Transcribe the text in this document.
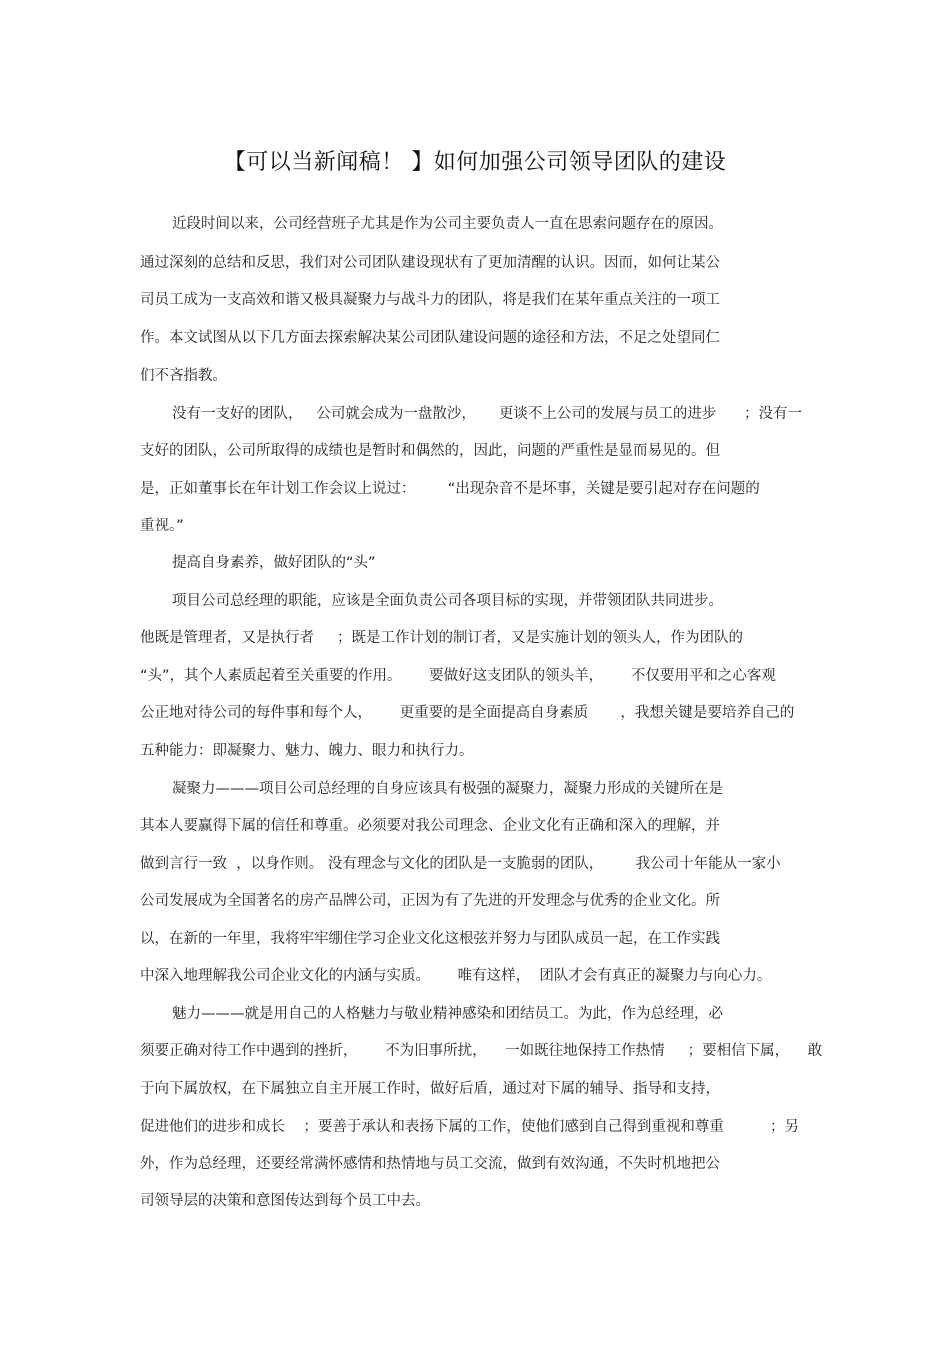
【可以当新闻稿！ 】如何加强公司领导团队的建设
近段时间以来，公司经营班子尤其是作为公司主要负责人一直在思索问题存在的原因。
通过深刻的总结和反思，我们对公司团队建设现状有了更加清醒的认识。因而，如何让某公
司员工成为一支高效和谐又极具凝聚力与战斗力的团队，将是我们在某年重点关注的一项工
作。本文试图从以下几方面去探索解决某公司团队建设问题的途径和方法，不足之处望同仁
们不吝指教。
没有一支好的团队，   公司就会成为一盘散沙，     更谈不上公司的发展与员工的进步      ；没有一
支好的团队，公司所取得的成绩也是暂时和偶然的，因此，问题的严重性是显而易见的。但
是，正如董事长在年计划工作会议上说过：       “出现杂音不是坏事，关键是要引起对存在问题的
重视。”
提高自身素养，做好团队的“头”
项目公司总经理的职能，应该是全面负责公司各项目标的实现，并带领团队共同进步。
他既是管理者，又是执行者     ；既是工作计划的制订者，又是实施计划的领头人，作为团队的
“头”，其个人素质起着至关重要的作用。      要做好这支团队的领头羊，      不仅要用平和之心客观
公正地对待公司的每件事和每个人，      更重要的是全面提高自身素质       ，我想关键是要培养自己的
五种能力：即凝聚力、魅力、魄力、眼力和执行力。
凝聚力———项目公司总经理的自身应该具有极强的凝聚力，凝聚力形成的关键所在是
其本人要赢得下属的信任和尊重。必须要对我公司理念、企业文化有正确和深入的理解，并
做到言行一致  ，以身作则。 没有理念与文化的团队是一支脆弱的团队，       我公司十年能从一家小
公司发展成为全国著名的房产品牌公司，正因为有了先进的开发理念与优秀的企业文化。所
以，在新的一年里，我将牢牢绷住学习企业文化这根弦并努力与团队成员一起，在工作实践
中深入地理解我公司企业文化的内涵与实质。      唯有这样，  团队才会有真正的凝聚力与向心力。
魅力———就是用自己的人格魅力与敬业精神感染和团结员工。为此，作为总经理，必
须要正确对待工作中遇到的挫折，      不为旧事所扰，    一如既往地保持工作热情     ；要相信下属，    敢
于向下属放权，在下属独立自主开展工作时，做好后盾，通过对下属的辅导、指导和支持，
促进他们的进步和成长    ；要善于承认和表扬下属的工作，使他们感到自己得到重视和尊重          ；另
外，作为总经理，还要经常满怀感情和热情地与员工交流，做到有效沟通，不失时机地把公
司领导层的决策和意图传达到每个员工中去。
